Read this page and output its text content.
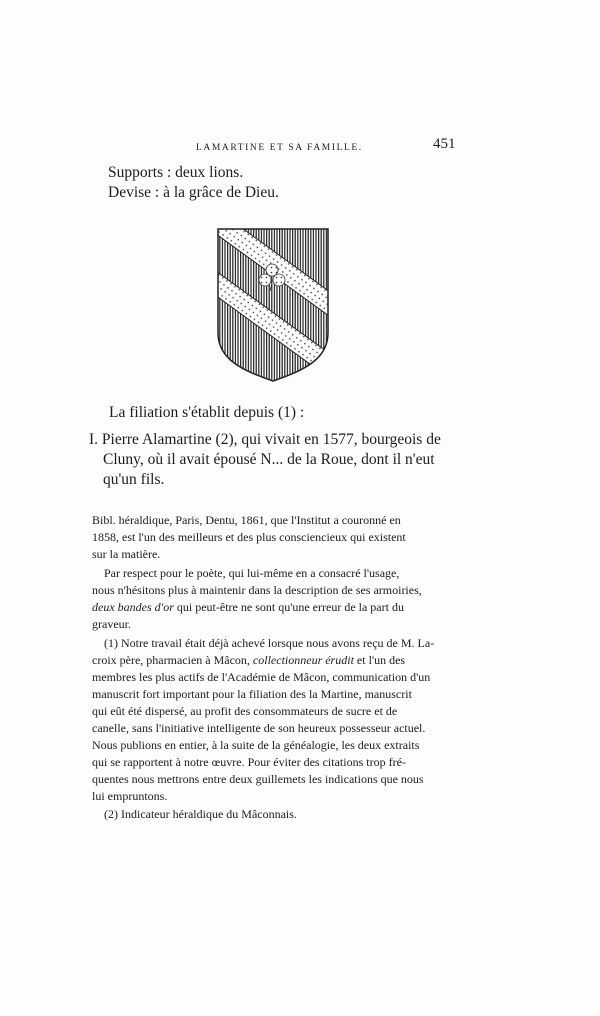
LAMARTINE ET SA FAMILLE.	451
Supports : deux lions.
Devise : à la grâce de Dieu.
La filiation s'établit depuis (1) :
I. Pierre Alamartine (2), qui vivait en 1577, bourgeois de
Cluny, où il avait épousé N... de la Roue, dont il n'eut
qu'un fils.
Bibl. héraldique, Paris, Dentu, 1861, que l'Institut a couronné en
1858, est l'un des meilleurs et des plus consciencieux qui existent
sur la matière.
Par respect pour le poète, qui lui-même en a consacré l'usage,
nous n'hésitons plus à maintenir dans la description de ses armoiries,
deux bandes d'or qui peut-être ne sont qu'une erreur de la part du
graveur.
(1) Notre travail était déjà achevé lorsque nous avons reçu de M. La-
croix père, pharmacien à Mâcon, collectionneur érudit et l'un des
membres les plus actifs de l'Académie de Mâcon, communication d'un
manuscrit fort important pour la filiation des la Martine, manuscrit
qui eût été dispersé, au profit des consommateurs de sucre et de
canelle, sans l'initiative intelligente de son heureux possesseur actuel.
Nous publions en entier, à la suite de la généalogie, les deux extraits
qui se rapportent à notre œuvre. Pour éviter des citations trop fré-
quentes nous mettrons entre deux guillemets les indications que nous
lui empruntons.
(2) Indicateur héraldique du Mâconnais.
